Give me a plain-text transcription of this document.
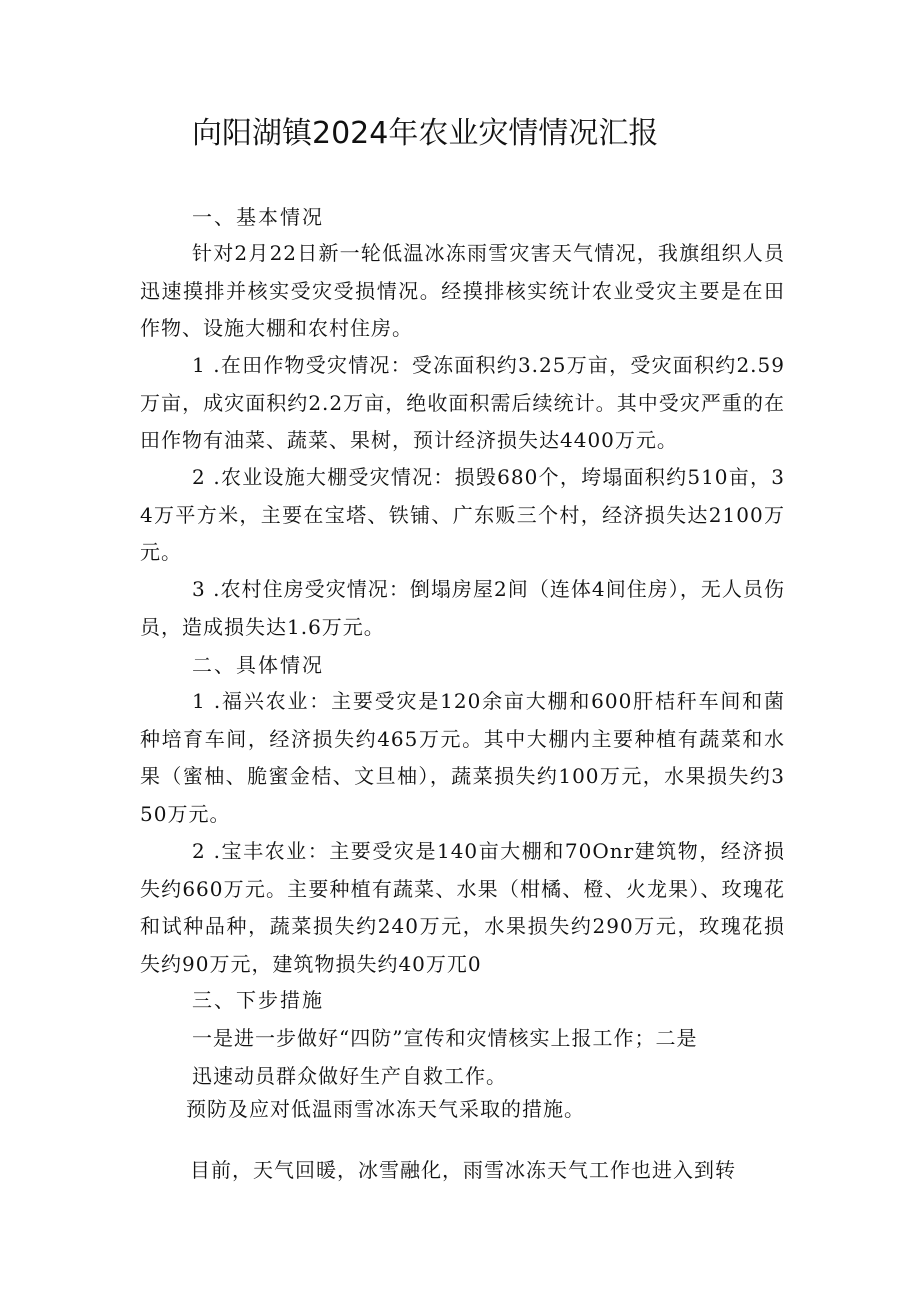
向阳湖镇2024年农业灾情情况汇报
一、基本情况
针对2月22日新一轮低温冰冻雨雪灾害天气情况，我旗组织人员迅速摸排并核实受灾受损情况。经摸排核实统计农业受灾主要是在田作物、设施大棚和农村住房。
1 .在田作物受灾情况：受冻面积约3.25万亩，受灾面积约2.59万亩，成灾面积约2.2万亩，绝收面积需后续统计。其中受灾严重的在田作物有油菜、蔬菜、果树，预计经济损失达4400万元。
2 .农业设施大棚受灾情况：损毁680个，垮塌面积约510亩，34万平方米，主要在宝塔、铁铺、广东贩三个村，经济损失达2100万元。
3 .农村住房受灾情况：倒塌房屋2间（连体4间住房），无人员伤员，造成损失达1.6万元。
二、具体情况
1 .福兴农业：主要受灾是120余亩大棚和600肝桔秆车间和菌种培育车间，经济损失约465万元。其中大棚内主要种植有蔬菜和水果（蜜柚、脆蜜金桔、文旦柚），蔬菜损失约100万元，水果损失约350万元。
2 .宝丰农业：主要受灾是140亩大棚和70Onr建筑物，经济损失约660万元。主要种植有蔬菜、水果（柑橘、橙、火龙果）、玫瑰花和试种品种，蔬菜损失约240万元，水果损失约290万元，玫瑰花损失约90万元，建筑物损失约40万兀0
三、下步措施
一是进一步做好“四防”宣传和灾情核实上报工作；二是
迅速动员群众做好生产自救工作。
预防及应对低温雨雪冰冻天气采取的措施。
目前，天气回暖，冰雪融化，雨雪冰冻天气工作也进入到转
